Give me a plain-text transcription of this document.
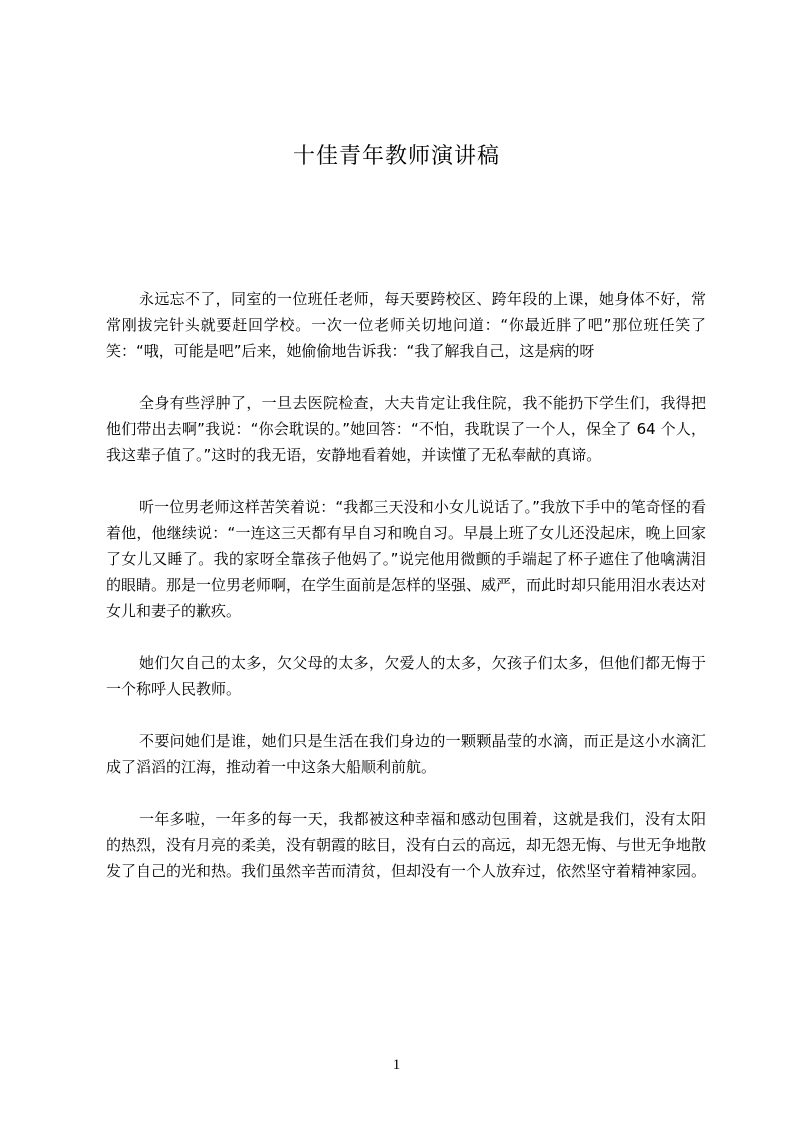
十佳青年教师演讲稿

永远忘不了，同室的一位班任老师，每天要跨校区、跨年段的上课，她身体不好，常常刚拔完针头就要赶回学校。一次一位老师关切地问道：“你最近胖了吧”那位班任笑了笑：“哦，可能是吧”后来，她偷偷地告诉我：“我了解我自己，这是病的呀

全身有些浮肿了，一旦去医院检查，大夫肯定让我住院，我不能扔下学生们，我得把他们带出去啊”我说：“你会耽误的。”她回答：“不怕，我耽误了一个人，保全了 64 个人，我这辈子值了。”这时的我无语，安静地看着她，并读懂了无私奉献的真谛。

听一位男老师这样苦笑着说：“我都三天没和小女儿说话了。”我放下手中的笔奇怪的看着他，他继续说：“一连这三天都有早自习和晚自习。早晨上班了女儿还没起床，晚上回家了女儿又睡了。我的家呀全靠孩子他妈了。”说完他用微颤的手端起了杯子遮住了他噙满泪的眼睛。那是一位男老师啊，在学生面前是怎样的坚强、威严，而此时却只能用泪水表达对女儿和妻子的歉疚。

她们欠自己的太多，欠父母的太多，欠爱人的太多，欠孩子们太多，但他们都无悔于一个称呼人民教师。

不要问她们是谁，她们只是生活在我们身边的一颗颗晶莹的水滴，而正是这小水滴汇成了滔滔的江海，推动着一中这条大船顺利前航。

一年多啦，一年多的每一天，我都被这种幸福和感动包围着，这就是我们，没有太阳的热烈，没有月亮的柔美，没有朝霞的眩目，没有白云的高远，却无怨无悔、与世无争地散发了自己的光和热。我们虽然辛苦而清贫，但却没有一个人放弃过，依然坚守着精神家园。

1
